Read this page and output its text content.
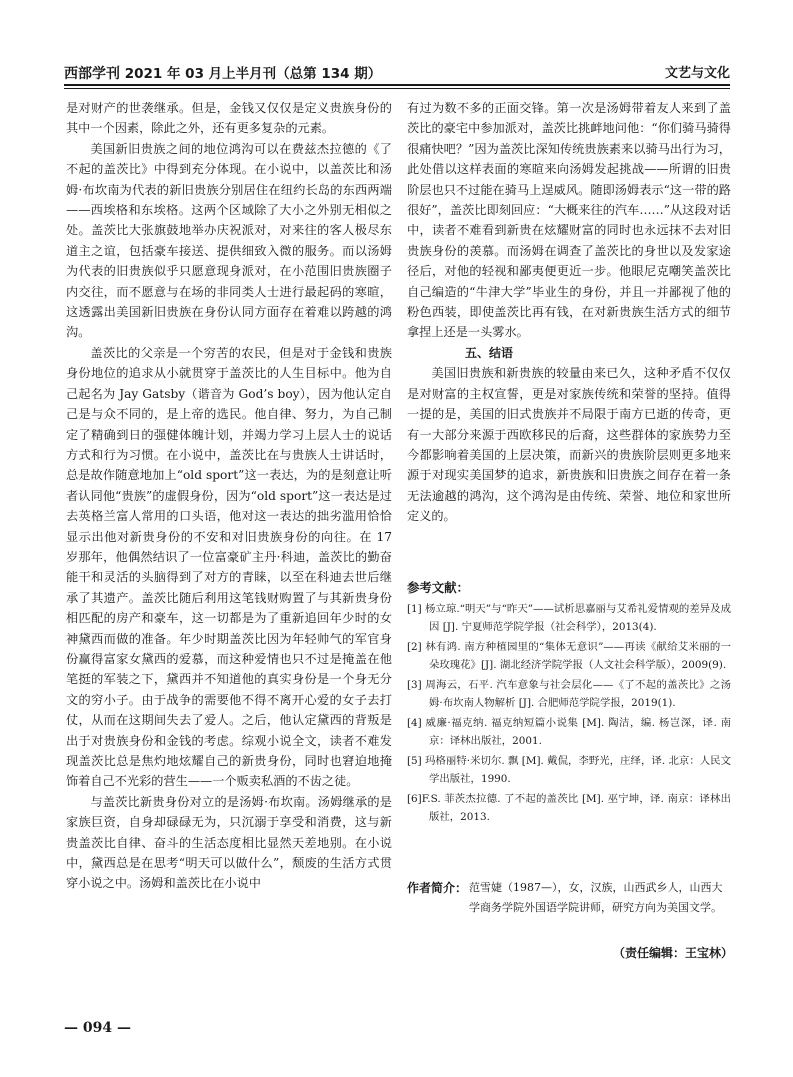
西部学刊 2021 年 03 月上半月刊（总第 134 期）	文艺与文化

是对财产的世袭继承。但是，金钱又仅仅是定义贵族身份的其中一个因素，除此之外，还有更多复杂的元素。

美国新旧贵族之间的地位鸿沟可以在费兹杰拉德的《了不起的盖茨比》中得到充分体现。在小说中，以盖茨比和汤姆·布坎南为代表的新旧贵族分别居住在纽约长岛的东西两端——西埃格和东埃格。这两个区域除了大小之外别无相似之处。盖茨比大张旗鼓地举办庆祝派对，对来往的客人极尽东道主之谊，包括豪车接送、提供细致入微的服务。而以汤姆为代表的旧贵族似乎只愿意现身派对，在小范围旧贵族圈子内交往，而不愿意与在场的非同类人士进行最起码的寒暄，这透露出美国新旧贵族在身份认同方面存在着难以跨越的鸿沟。

盖茨比的父亲是一个穷苦的农民，但是对于金钱和贵族身份地位的追求从小就贯穿于盖茨比的人生目标中。他为自己起名为 Jay Gatsby（谐音为 God’s boy），因为他认定自己是与众不同的，是上帝的选民。他自律、努力，为自己制定了精确到日的强健体魄计划，并竭力学习上层人士的说话方式和行为习惯。在小说中，盖茨比在与贵族人士讲话时，总是故作随意地加上“old sport”这一表达，为的是刻意让听者认同他“贵族”的虚假身份，因为“old sport”这一表达是过去英格兰富人常用的口头语，他对这一表达的拙劣滥用恰恰显示出他对新贵身份的不安和对旧贵族身份的向往。在 17 岁那年，他偶然结识了一位富豪矿主丹·科迪，盖茨比的勤奋能干和灵活的头脑得到了对方的青睐，以至在科迪去世后继承了其遗产。盖茨比随后利用这笔钱财购置了与其新贵身份相匹配的房产和豪车，这一切都是为了重新追回年少时的女神黛西而做的准备。年少时期盖茨比因为年轻帅气的军官身份赢得富家女黛西的爱慕，而这种爱情也只不过是掩盖在他笔挺的军装之下，黛西并不知道他的真实身份是一个身无分文的穷小子。由于战争的需要他不得不离开心爱的女子去打仗，从而在这期间失去了爱人。之后，他认定黛西的背叛是出于对贵族身份和金钱的考虑。综观小说全文，读者不难发现盖茨比总是焦灼地炫耀自己的新贵身份，同时也窘迫地掩饰着自己不光彩的营生——一个贩卖私酒的不齿之徒。

与盖茨比新贵身份对立的是汤姆·布坎南。汤姆继承的是家族巨资，自身却碌碌无为，只沉溺于享受和消费，这与新贵盖茨比自律、奋斗的生活态度相比显然天差地别。在小说中，黛西总是在思考“明天可以做什么”，颓废的生活方式贯穿小说之中。汤姆和盖茨比在小说中

有过为数不多的正面交锋。第一次是汤姆带着友人来到了盖茨比的豪宅中参加派对，盖茨比挑衅地问他：“你们骑马骑得很痛快吧？”因为盖茨比深知传统贵族素来以骑马出行为习，此处借以这样表面的寒暄来向汤姆发起挑战——所谓的旧贵阶层也只不过能在骑马上逞威风。随即汤姆表示“这一带的路很好”，盖茨比即刻回应：“大概来往的汽车……”从这段对话中，读者不难看到新贵在炫耀财富的同时也永远抹不去对旧贵族身份的羡慕。而汤姆在调查了盖茨比的身世以及发家途径后，对他的轻视和鄙夷便更近一步。他眼尼克嘲笑盖茨比自己编造的“牛津大学”毕业生的身份，并且一并鄙视了他的粉色西装，即使盖茨比再有钱，在对新贵族生活方式的细节拿捏上还是一头雾水。

五、结语

美国旧贵族和新贵族的较量由来已久，这种矛盾不仅仅是对财富的主权宣誓，更是对家族传统和荣誉的坚持。值得一提的是，美国的旧式贵族并不局限于南方已逝的传奇，更有一大部分来源于西欧移民的后裔，这些群体的家族势力至今都影响着美国的上层决策，而新兴的贵族阶层则更多地来源于对现实美国梦的追求，新贵族和旧贵族之间存在着一条无法逾越的鸿沟，这个鸿沟是由传统、荣誉、地位和家世所定义的。

参考文献：
[1] 杨立琼.“明天”与“昨天”——试析思嘉丽与艾希礼爱情观的差异及成因 [J]. 宁夏师范学院学报（社会科学），2013(4).
[2] 林有鸿. 南方种植园里的“集体无意识”——再读《献给艾米丽的一朵玫瑰花》[J]. 湖北经济学院学报（人文社会科学版），2009(9).
[3] 周海云，石平. 汽车意象与社会层化——《了不起的盖茨比》之汤姆·布坎南人物解析 [J]. 合肥师范学院学报，2019(1).
[4] 威廉·福克纳. 福克纳短篇小说集 [M]. 陶洁，编. 杨岂深，译. 南京：译林出版社，2001.
[5] 玛格丽特·米切尔. 飘 [M]. 戴侃，李野光，庄绎，译. 北京：人民文学出版社，1990.
[6]F.S. 菲茨杰拉德. 了不起的盖茨比 [M]. 巫宁坤，译. 南京：译林出版社，2013.
作者简介： 范雪婕（1987—），女，汉族，山西武乡人，山西大学商务学院外国语学院讲师，研究方向为美国文学。
（责任编辑：王宝林）
— 094 —
